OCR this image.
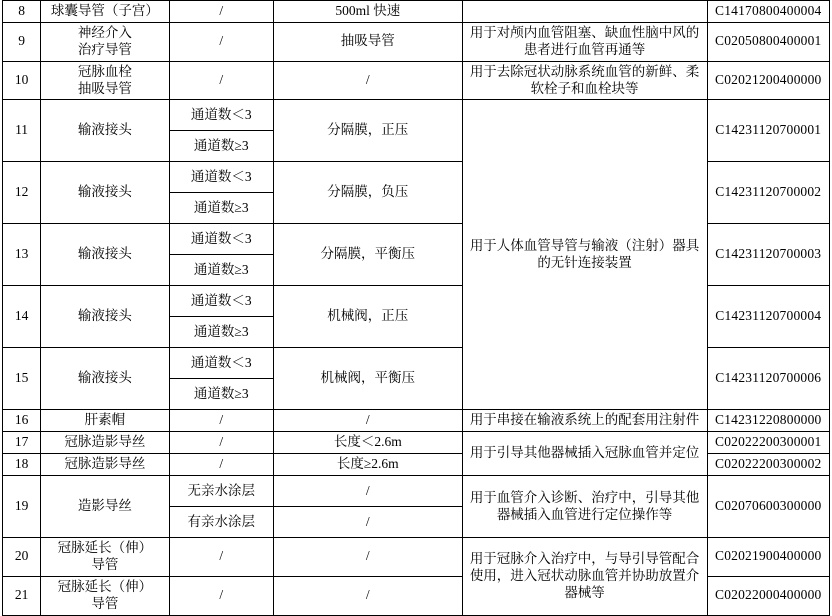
8	球囊导管（子宫）	/	500ml 快速		C14170800400004
9	神经介入
治疗导管	/	抽吸导管	用于对颅内血管阻塞、缺血性脑中风的患者进行血管再通等	C02050800400001
10	冠脉血栓
抽吸导管	/	/	用于去除冠状动脉系统血管的新鲜、柔软栓子和血栓块等	C02021200400000
11	输液接头	通道数＜3	分隔膜，正压	用于人体血管导管与输液（注射）器具的无针连接装置	C14231120700001
		通道数≥3			
12	输液接头	通道数＜3	分隔膜，负压		C14231120700002
		通道数≥3			
13	输液接头	通道数＜3	分隔膜，平衡压		C14231120700003
		通道数≥3			
14	输液接头	通道数＜3	机械阀，正压		C14231120700004
		通道数≥3			
15	输液接头	通道数＜3	机械阀，平衡压		C14231120700006
		通道数≥3			
16	肝素帽	/	/	用于串接在输液系统上的配套用注射件	C14231220800000
17	冠脉造影导丝	/	长度＜2.6m	用于引导其他器械插入冠脉血管并定位	C02022200300001
18	冠脉造影导丝	/	长度≥2.6m		C02022200300002
19	造影导丝	无亲水涂层	/	用于血管介入诊断、治疗中，引导其他器械插入血管进行定位操作等	C02070600300000
		有亲水涂层	/		
20	冠脉延长（伸）
导管	/	/	用于冠脉介入治疗中，与导引导管配合使用，进入冠状动脉血管并协助放置介器械等	C02021900400000
21	冠脉延长（伸）
导管	/	/		C02022000400000
